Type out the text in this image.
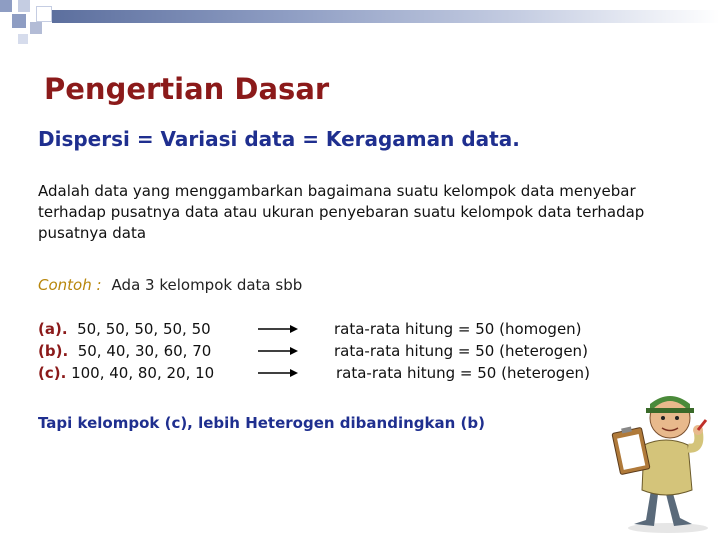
Pengertian Dasar
Dispersi = Variasi data = Keragaman data.
Adalah data yang menggambarkan bagaimana suatu kelompok data menyebar terhadap pusatnya data atau ukuran penyebaran suatu kelompok data terhadap pusatnya data
Contoh : Ada 3 kelompok data sbb
(a). 50, 50, 50, 50, 50
(b). 50, 40, 30, 60, 70
(c). 100, 40, 80, 20, 10
rata-rata hitung = 50 (homogen)
rata-rata hitung = 50 (heterogen)
rata-rata hitung = 50 (heterogen)
Tapi kelompok (c), lebih Heterogen dibandingkan (b)
